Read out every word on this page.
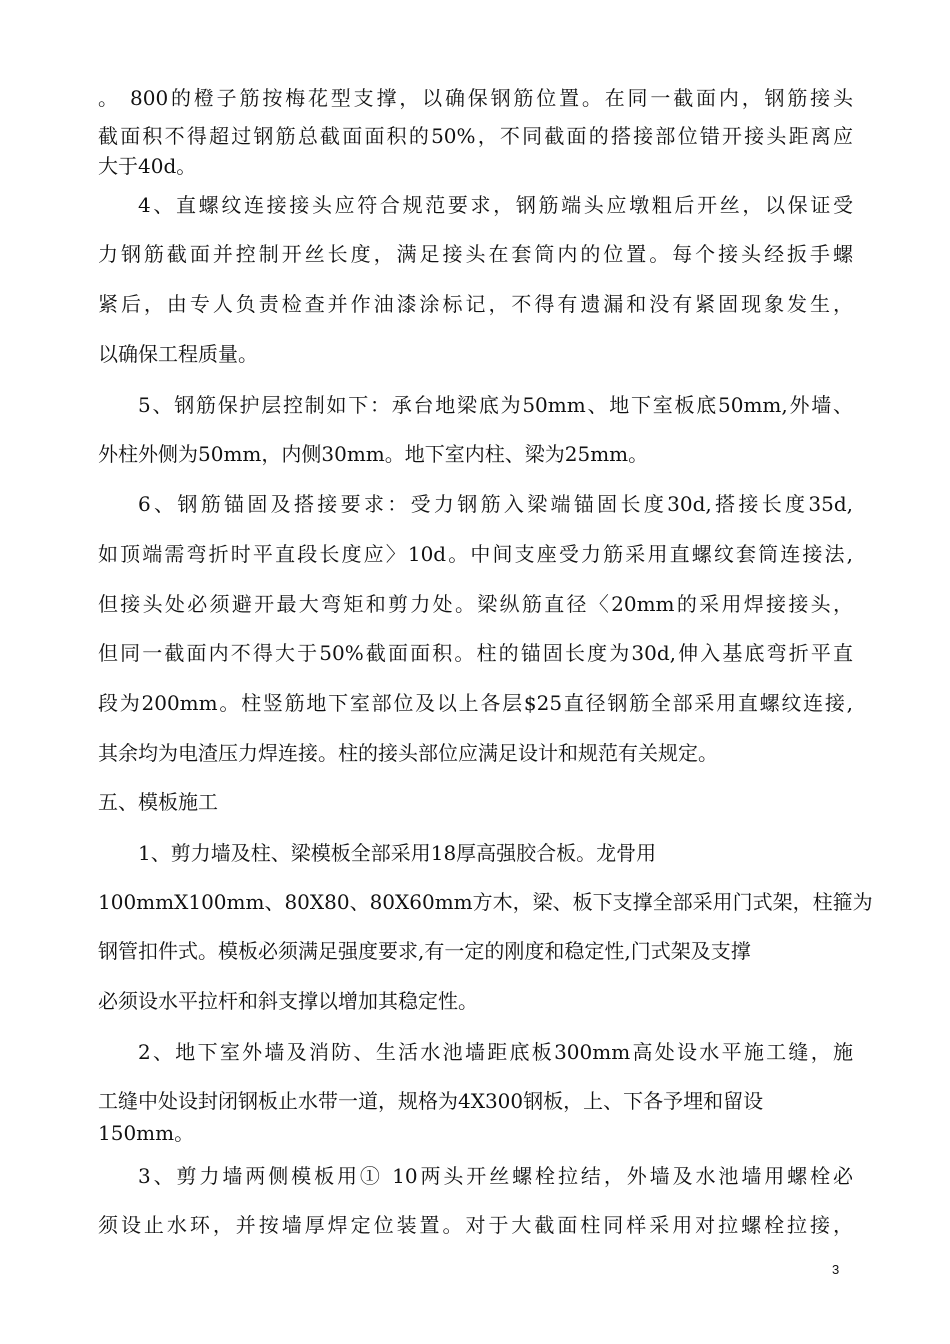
。 800的橙子筋按梅花型支撑，以确保钢筋位置。在同一截面内，钢筋接头

截面积不得超过钢筋总截面面积的50%，不同截面的搭接部位错开接头距离应

大于40d。

4、直螺纹连接接头应符合规范要求，钢筋端头应墩粗后开丝，以保证受

力钢筋截面并控制开丝长度，满足接头在套筒内的位置。每个接头经扳手螺

紧后，由专人负责检查并作油漆涂标记，不得有遗漏和没有紧固现象发生，

以确保工程质量。

5、钢筋保护层控制如下：承台地梁底为50mm、地下室板底50mm,外墙、

外柱外侧为50mm，内侧30mm。地下室内柱、梁为25mm。

6、钢筋锚固及搭接要求：受力钢筋入梁端锚固长度30d,搭接长度35d,

如顶端需弯折时平直段长度应〉10d。中间支座受力筋采用直螺纹套筒连接法,

但接头处必须避开最大弯矩和剪力处。梁纵筋直径〈20mm的采用焊接接头，

但同一截面内不得大于50%截面面积。柱的锚固长度为30d,伸入基底弯折平直

段为200mm。柱竖筋地下室部位及以上各层$25直径钢筋全部采用直螺纹连接,

其余均为电渣压力焊连接。柱的接头部位应满足设计和规范有关规定。

五、模板施工

1、剪力墙及柱、梁模板全部采用18厚高强胶合板。龙骨用

100mmX100mm、80X80、80X60mm方木，梁、板下支撑全部采用门式架，柱箍为

钢管扣件式。模板必须满足强度要求,有一定的刚度和稳定性,门式架及支撑

必须设水平拉杆和斜支撑以增加其稳定性。

2、地下室外墙及消防、生活水池墙距底板300mm高处设水平施工缝，施

工缝中处设封闭钢板止水带一道，规格为4X300钢板，上、下各予埋和留设

150mm。

3、剪力墙两侧模板用① 10两头开丝螺栓拉结，外墙及水池墙用螺栓必

须设止水环，并按墙厚焊定位装置。对于大截面柱同样采用对拉螺栓拉接，

3
